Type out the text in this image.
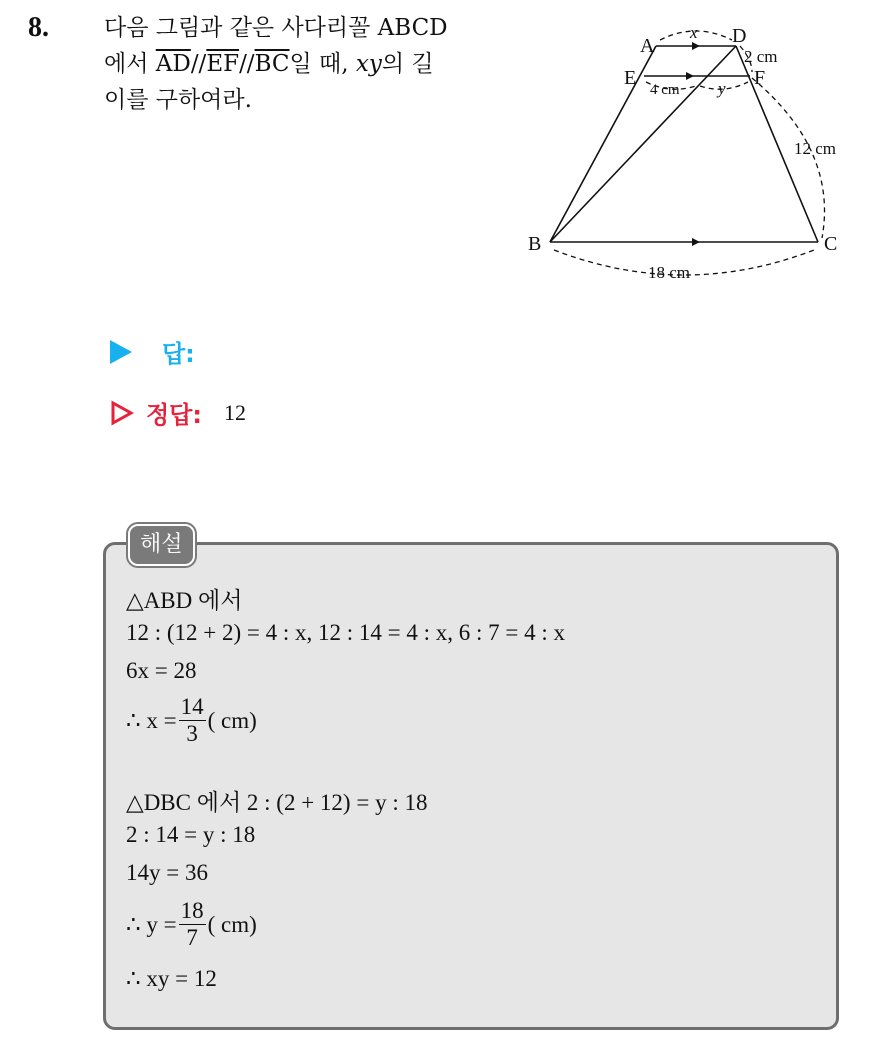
8. 다음 그림과 같은 사다리꼴 ABCD
에서 $\overline{AD}//\overline{EF}//\overline{BC}$일 때, xy의 길
이를 구하여라.
A	D
E	F
B	C
x
y
2 cm
4 cm
12 cm
18 cm
답:
정답: 12
해설
△ABD 에서
12 : (12 + 2) = 4 : x, 12 : 14 = 4 : x, 6 : 7 = 4 : x
6x = 28
∴ $x = \frac{14}{3}$ ( cm)
△DBC 에서 2 : (2 + 12) = y : 18
2 : 14 = y : 18
14y = 36
∴ $y = \frac{18}{7}$ ( cm)
∴ xy = 12
